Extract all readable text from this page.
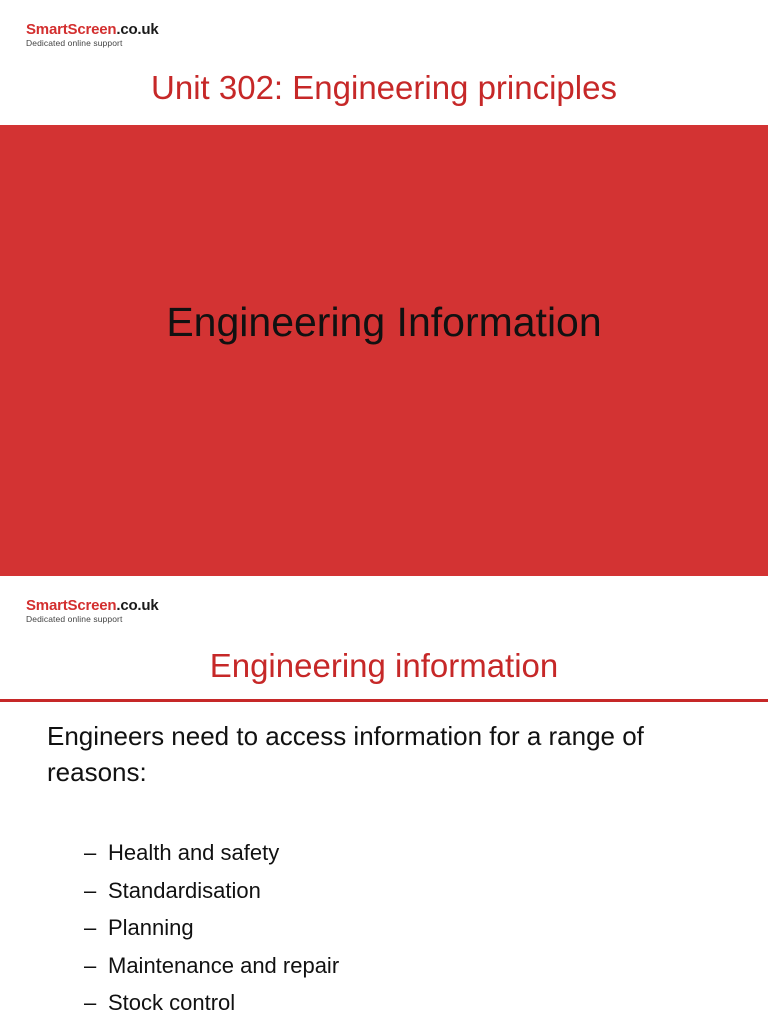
SmartScreen.co.uk
Dedicated online support
Unit 302: Engineering principles
Engineering Information
SmartScreen.co.uk
Dedicated online support
Engineering information
Engineers need to access information for a range of reasons:
– Health and safety
– Standardisation
– Planning
– Maintenance and repair
– Stock control
